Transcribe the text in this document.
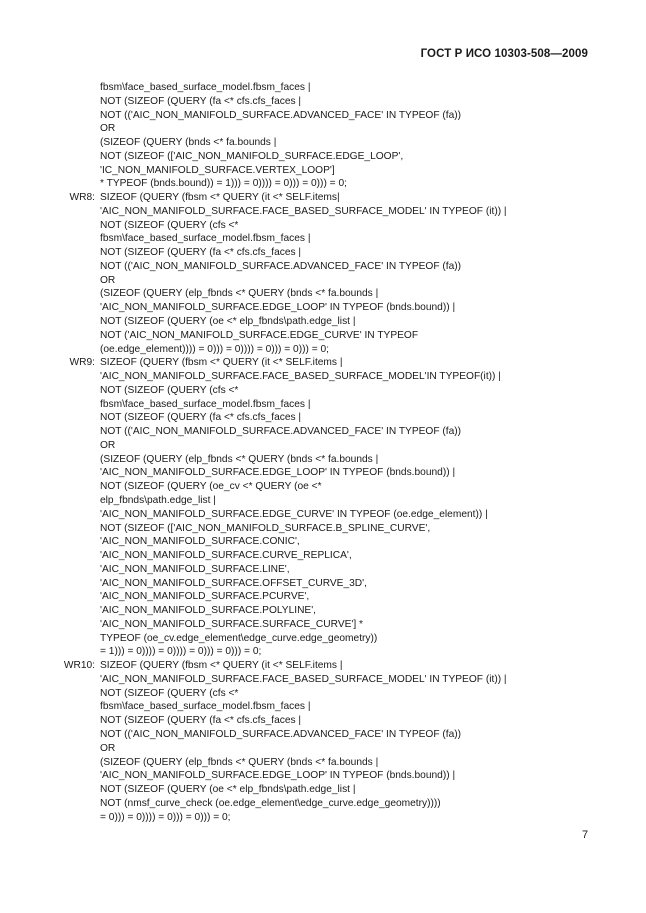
ГОСТ Р ИСО 10303-508—2009
fbsm\face_based_surface_model.fbsm_faces |
NOT (SIZEOF (QUERY (fa <* cfs.cfs_faces |
NOT (('AIC_NON_MANIFOLD_SURFACE.ADVANCED_FACE' IN TYPEOF (fa))
OR
(SIZEOF (QUERY (bnds <* fa.bounds |
NOT (SIZEOF (['AIC_NON_MANIFOLD_SURFACE.EDGE_LOOP',
'IC_NON_MANIFOLD_SURFACE.VERTEX_LOOP']
* TYPEOF (bnds.bound)) = 1))) = 0)))) = 0))) = 0))) = 0;
WR8: SIZEOF (QUERY (fbsm <* QUERY (it <* SELF.items|
'AIC_NON_MANIFOLD_SURFACE.FACE_BASED_SURFACE_MODEL' IN TYPEOF (it)) |
NOT (SIZEOF (QUERY (cfs <*
fbsm\face_based_surface_model.fbsm_faces |
NOT (SIZEOF (QUERY (fa <* cfs.cfs_faces |
NOT (('AIC_NON_MANIFOLD_SURFACE.ADVANCED_FACE' IN TYPEOF (fa))
OR
(SIZEOF (QUERY (elp_fbnds <* QUERY (bnds <* fa.bounds |
'AIC_NON_MANIFOLD_SURFACE.EDGE_LOOP' IN TYPEOF (bnds.bound)) |
NOT (SIZEOF (QUERY (oe <* elp_fbnds\path.edge_list |
NOT ('AIC_NON_MANIFOLD_SURFACE.EDGE_CURVE' IN TYPEOF
(oe.edge_element)))) = 0))) = 0)))) = 0))) = 0))) = 0;
WR9: SIZEOF (QUERY (fbsm <* QUERY (it <* SELF.items |
'AIC_NON_MANIFOLD_SURFACE.FACE_BASED_SURFACE_MODEL'IN TYPEOF(it)) |
NOT (SIZEOF (QUERY (cfs <*
fbsm\face_based_surface_model.fbsm_faces |
NOT (SIZEOF (QUERY (fa <* cfs.cfs_faces |
NOT (('AIC_NON_MANIFOLD_SURFACE.ADVANCED_FACE' IN TYPEOF (fa))
OR
(SIZEOF (QUERY (elp_fbnds <* QUERY (bnds <* fa.bounds |
'AIC_NON_MANIFOLD_SURFACE.EDGE_LOOP' IN TYPEOF (bnds.bound)) |
NOT (SIZEOF (QUERY (oe_cv <* QUERY (oe <*
elp_fbnds\path.edge_list |
'AIC_NON_MANIFOLD_SURFACE.EDGE_CURVE' IN TYPEOF (oe.edge_element)) |
NOT (SIZEOF (['AIC_NON_MANIFOLD_SURFACE.B_SPLINE_CURVE',
'AIC_NON_MANIFOLD_SURFACE.CONIC',
'AIC_NON_MANIFOLD_SURFACE.CURVE_REPLICA',
'AIC_NON_MANIFOLD_SURFACE.LINE',
'AIC_NON_MANIFOLD_SURFACE.OFFSET_CURVE_3D',
'AIC_NON_MANIFOLD_SURFACE.PCURVE',
'AIC_NON_MANIFOLD_SURFACE.POLYLINE',
'AIC_NON_MANIFOLD_SURFACE.SURFACE_CURVE'] *
TYPEOF (oe_cv.edge_element\edge_curve.edge_geometry))
= 1))) = 0)))) = 0)))) = 0))) = 0))) = 0;
WR10: SIZEOF (QUERY (fbsm <* QUERY (it <* SELF.items |
'AIC_NON_MANIFOLD_SURFACE.FACE_BASED_SURFACE_MODEL' IN TYPEOF (it)) |
NOT (SIZEOF (QUERY (cfs <*
fbsm\face_based_surface_model.fbsm_faces |
NOT (SIZEOF (QUERY (fa <* cfs.cfs_faces |
NOT (('AIC_NON_MANIFOLD_SURFACE.ADVANCED_FACE' IN TYPEOF (fa))
OR
(SIZEOF (QUERY (elp_fbnds <* QUERY (bnds <* fa.bounds |
'AIC_NON_MANIFOLD_SURFACE.EDGE_LOOP' IN TYPEOF (bnds.bound)) |
NOT (SIZEOF (QUERY (oe <* elp_fbnds\path.edge_list |
NOT (nmsf_curve_check (oe.edge_element\edge_curve.edge_geometry))))
= 0))) = 0)))) = 0))) = 0))) = 0;
7
